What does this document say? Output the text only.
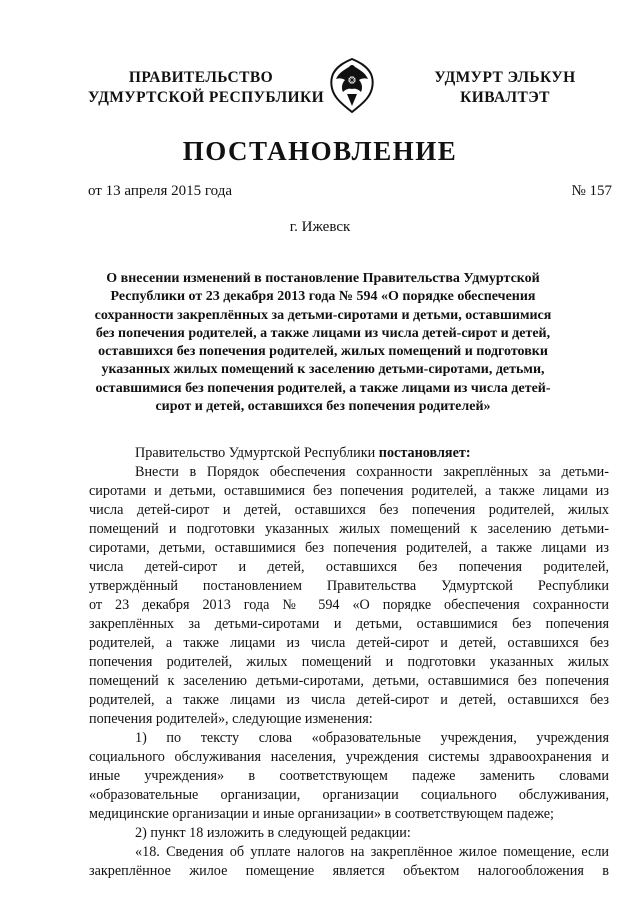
ПРАВИТЕЛЬСТВО
УДМУРТСКОЙ РЕСПУБЛИКИ
УДМУРТ ЭЛЬКУН
КИВАЛТЭТ
ПОСТАНОВЛЕНИЕ
от 13 апреля 2015 года	№ 157
г. Ижевск
О внесении изменений в постановление Правительства Удмуртской
Республики от 23 декабря 2013 года № 594 «О порядке обеспечения
сохранности закреплённых за детьми-сиротами и детьми, оставшимися
без попечения родителей, а также лицами из числа детей-сирот и детей,
оставшихся без попечения родителей, жилых помещений и подготовки
указанных жилых помещений к заселению детьми-сиротами, детьми,
оставшимися без попечения родителей, а также лицами из числа детей-
сирот и детей, оставшихся без попечения родителей»
Правительство Удмуртской Республики постановляет:
Внести в Порядок обеспечения сохранности закреплённых за детьми-
сиротами и детьми, оставшимися без попечения родителей, а также лицами из
числа детей-сирот и детей, оставшихся без попечения родителей, жилых
помещений и подготовки указанных жилых помещений к заселению детьми-
сиротами, детьми, оставшимися без попечения родителей, а также лицами из
числа детей-сирот и детей, оставшихся без попечения родителей,
утверждённый постановлением Правительства Удмуртской Республики
от 23 декабря 2013 года № 594 «О порядке обеспечения сохранности
закреплённых за детьми-сиротами и детьми, оставшимися без попечения
родителей, а также лицами из числа детей-сирот и детей, оставшихся без
попечения родителей, жилых помещений и подготовки указанных жилых
помещений к заселению детьми-сиротами, детьми, оставшимися без попечения
родителей, а также лицами из числа детей-сирот и детей, оставшихся без
попечения родителей», следующие изменения:
1) по тексту слова «образовательные учреждения, учреждения
социального обслуживания населения, учреждения системы здравоохранения и
иные учреждения» в соответствующем падеже заменить словами
«образовательные организации, организации социального обслуживания,
медицинские организации и иные организации» в соответствующем падеже;
2) пункт 18 изложить в следующей редакции:
«18. Сведения об уплате налогов на закреплённое жилое помещение, если
закреплённое жилое помещение является объектом налогообложения в
